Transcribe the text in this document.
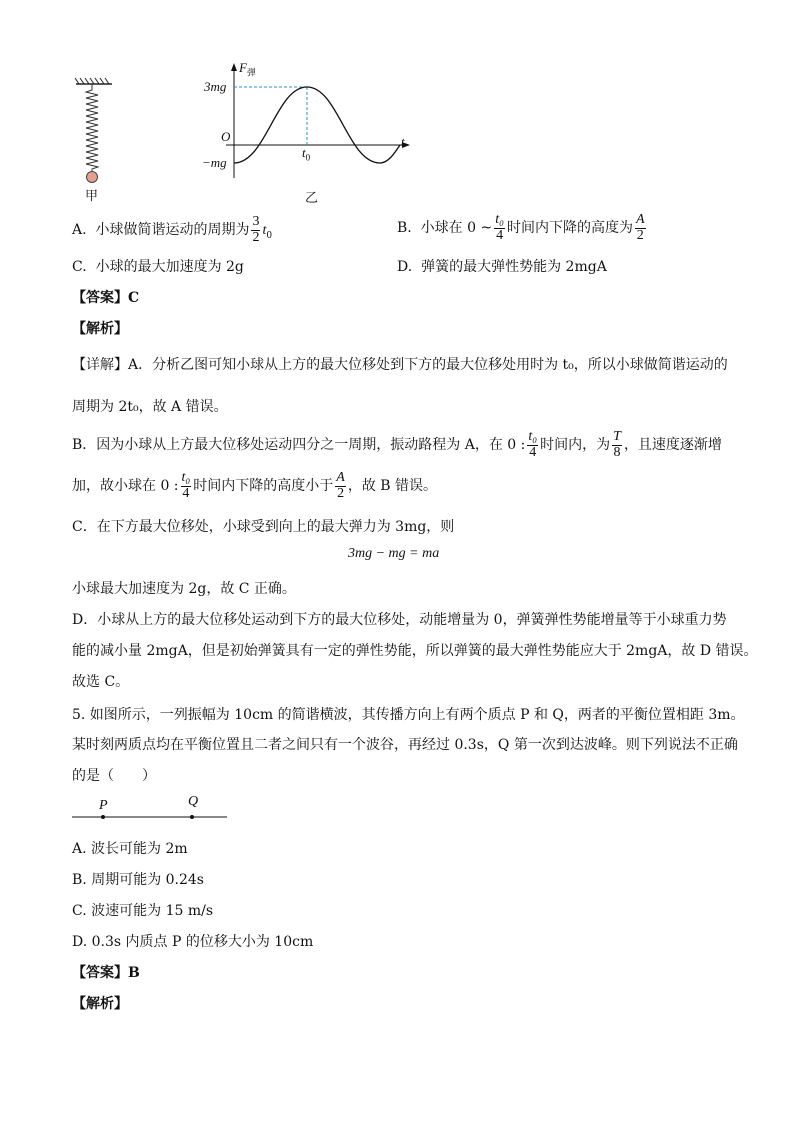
甲
$F_弹$
3mg
O
−mg
t
$t_0$
乙
A. 小球做简谐运动的周期为 $\frac{3}{2} t_0$	B. 小球在 0 ~ $\frac{\text{t₀}}{4}$ 时间内下降的高度为 $\frac{A}{2}$
C. 小球的最大加速度为 2g	D. 弹簧的最大弹性势能为 2mgA
【答案】C
【解析】
【详解】A．分析乙图可知小球从上方的最大位移处到下方的最大位移处用时为 t₀，所以小球做简谐运动的
周期为 2t₀，故 A 错误。
B．因为小球从上方最大位移处运动四分之一周期，振动路程为 A，在 0 : $\frac{\text{t₀}}{4}$ 时间内，为 $\frac{T}{8}$ ，且速度逐渐增
加，故小球在 0 : $\frac{\text{t₀}}{4}$ 时间内下降的高度小于 $\frac{A}{2}$ ，故 B 错误。
C．在下方最大位移处，小球受到向上的最大弹力为 3mg，则
3mg − mg = ma
小球最大加速度为 2g，故 C 正确。
D．小球从上方的最大位移处运动到下方的最大位移处，动能增量为 0，弹簧弹性势能增量等于小球重力势
能的减小量 2mgA，但是初始弹簧具有一定的弹性势能，所以弹簧的最大弹性势能应大于 2mgA，故 D 错误。
故选 C。
5. 如图所示，一列振幅为 10cm 的简谐横波，其传播方向上有两个质点 P 和 Q，两者的平衡位置相距 3m。
某时刻两质点均在平衡位置且二者之间只有一个波谷，再经过 0.3s，Q 第一次到达波峰。则下列说法不正确
的是（　　）
P	Q
A. 波长可能为 2m
B. 周期可能为 0.24s
C. 波速可能为 15 m/s
D. 0.3s 内质点 P 的位移大小为 10cm
【答案】B
【解析】
